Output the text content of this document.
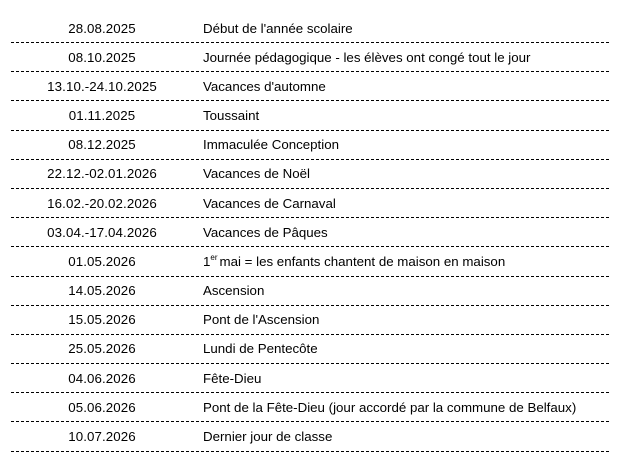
28.08.2025	Début de l'année scolaire
08.10.2025	Journée pédagogique - les élèves ont congé tout le jour
13.10.-24.10.2025	Vacances d'automne
01.11.2025	Toussaint
08.12.2025	Immaculée Conception
22.12.-02.01.2026	Vacances de Noël
16.02.-20.02.2026	Vacances de Carnaval
03.04.-17.04.2026	Vacances de Pâques
01.05.2026	1er mai = les enfants chantent de maison en maison
14.05.2026	Ascension
15.05.2026	Pont de l'Ascension
25.05.2026	Lundi de Pentecôte
04.06.2026	Fête-Dieu
05.06.2026	Pont de la Fête-Dieu (jour accordé par la commune de Belfaux)
10.07.2026	Dernier jour de classe
